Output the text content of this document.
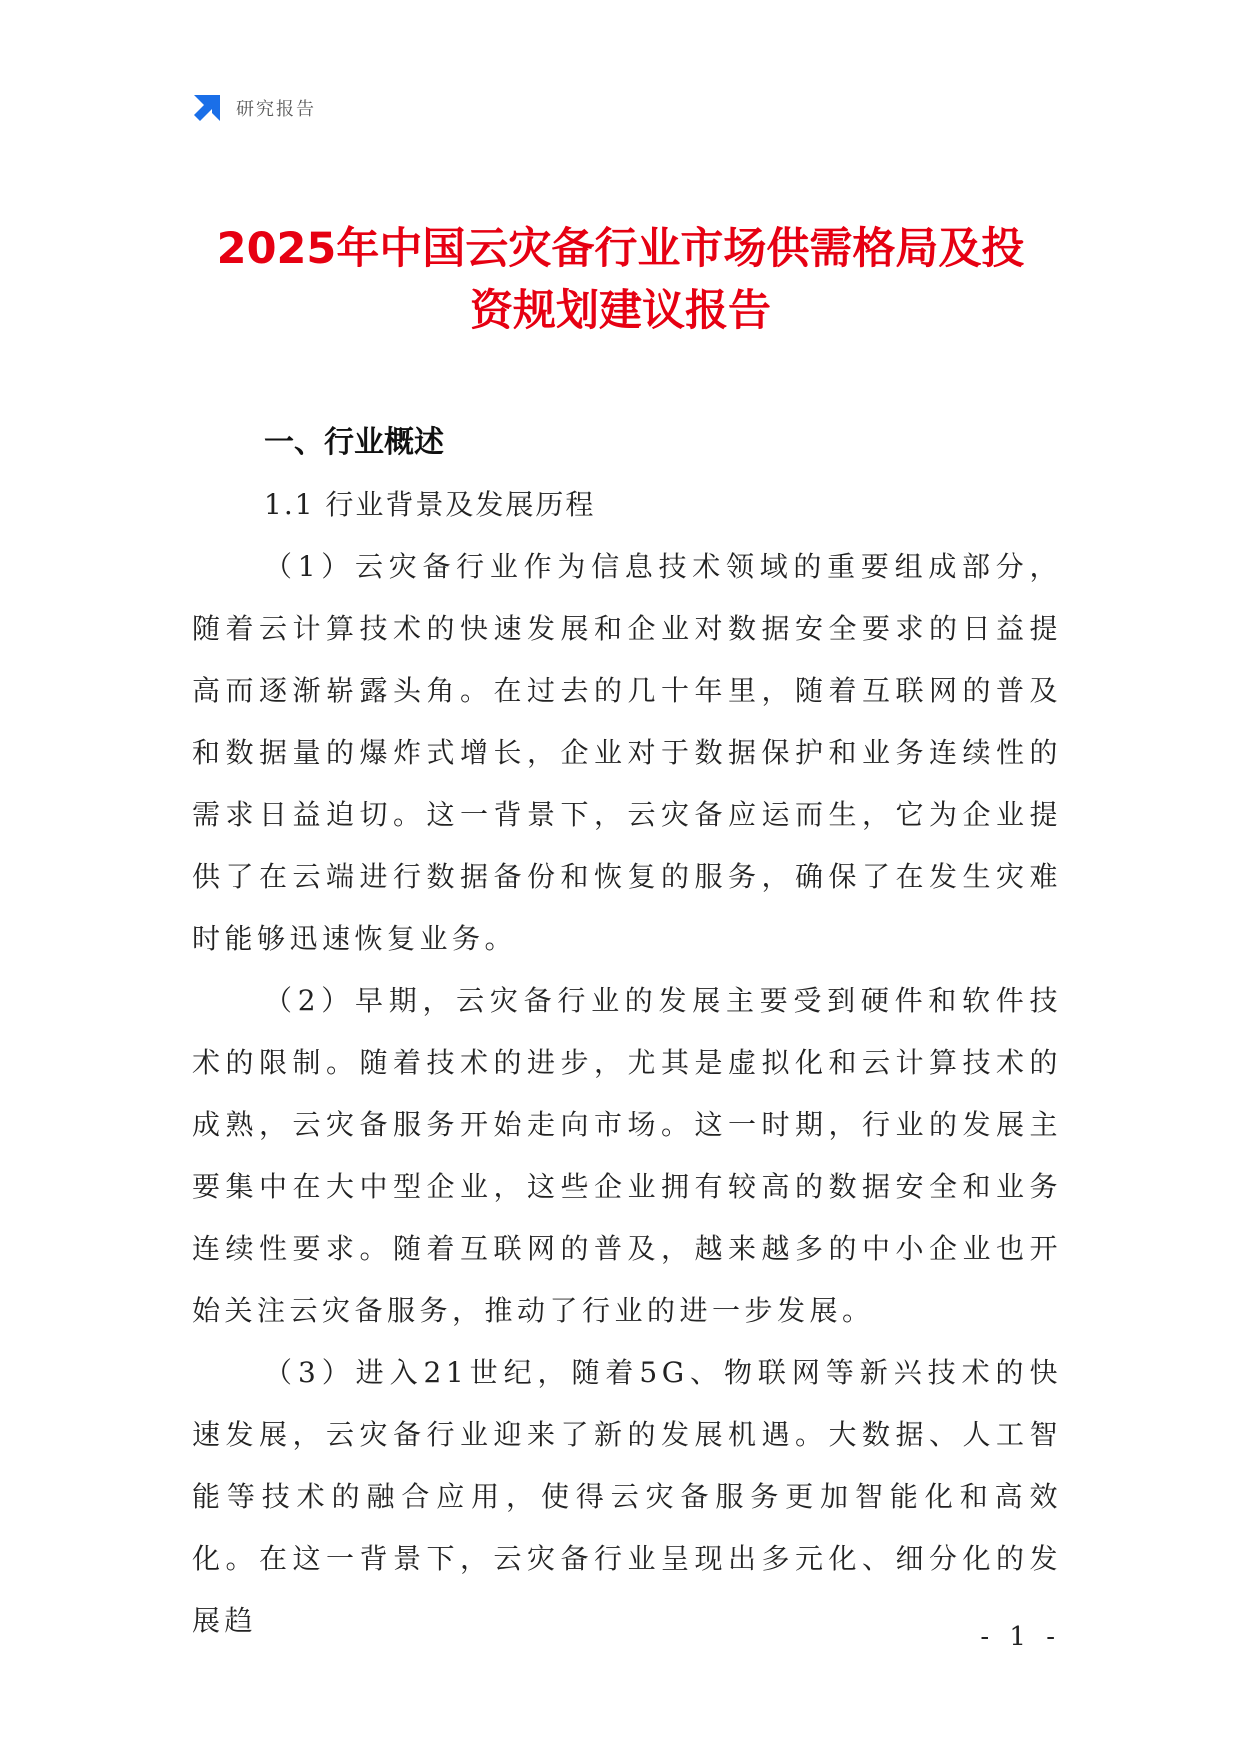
研究报告
2025年中国云灾备行业市场供需格局及投
资规划建议报告
一、行业概述
1.1 行业背景及发展历程

（1）云灾备行业作为信息技术领域的重要组成部分，随着云计算技术的快速发展和企业对数据安全要求的日益提高而逐渐崭露头角。在过去的几十年里，随着互联网的普及和数据量的爆炸式增长，企业对于数据保护和业务连续性的需求日益迫切。这一背景下，云灾备应运而生，它为企业提供了在云端进行数据备份和恢复的服务，确保了在发生灾难时能够迅速恢复业务。

（2）早期，云灾备行业的发展主要受到硬件和软件技术的限制。随着技术的进步，尤其是虚拟化和云计算技术的成熟，云灾备服务开始走向市场。这一时期，行业的发展主要集中在大中型企业，这些企业拥有较高的数据安全和业务连续性要求。随着互联网的普及，越来越多的中小企业也开始关注云灾备服务，推动了行业的进一步发展。

（3）进入21世纪，随着5G、物联网等新兴技术的快速发展，云灾备行业迎来了新的发展机遇。大数据、人工智能等技术的融合应用，使得云灾备服务更加智能化和高效化。在这一背景下，云灾备行业呈现出多元化、细分化的发展趋	- 1 -
